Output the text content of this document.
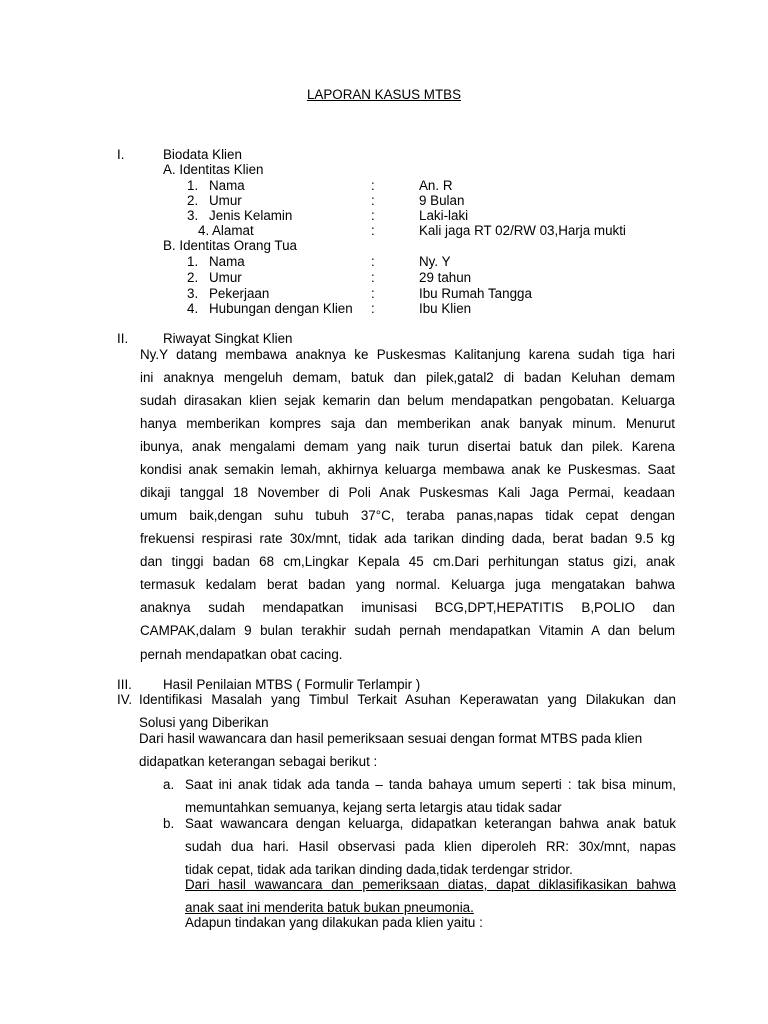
LAPORAN KASUS MTBS
I.	Biodata Klien
A. Identitas Klien
1. Nama	:	An. R
2. Umur	:	9 Bulan
3. Jenis Kelamin	:	Laki-laki
4. Alamat	:	Kali jaga RT 02/RW 03,Harja mukti
B. Identitas Orang Tua
1. Nama	:	Ny. Y
2. Umur	:	29 tahun
3. Pekerjaan	:	Ibu Rumah Tangga
4. Hubungan dengan Klien :	Ibu Klien
II.	Riwayat Singkat Klien
Ny.Y datang membawa anaknya ke Puskesmas Kalitanjung karena sudah tiga hari
ini anaknya mengeluh demam, batuk dan pilek,gatal2 di badan Keluhan demam
sudah dirasakan klien sejak kemarin dan belum mendapatkan pengobatan. Keluarga
hanya memberikan kompres saja dan memberikan anak banyak minum. Menurut
ibunya, anak mengalami demam yang naik turun disertai batuk dan pilek. Karena
kondisi anak semakin lemah, akhirnya keluarga membawa anak ke Puskesmas. Saat
dikaji tanggal 18 November di Poli Anak Puskesmas Kali Jaga Permai, keadaan
umum baik,dengan suhu tubuh 37°C, teraba panas,napas tidak cepat dengan
frekuensi respirasi rate 30x/mnt, tidak ada tarikan dinding dada, berat badan 9.5 kg
dan tinggi badan 68 cm,Lingkar Kepala 45 cm.Dari perhitungan status gizi, anak
termasuk kedalam berat badan yang normal. Keluarga juga mengatakan bahwa
anaknya sudah mendapatkan imunisasi BCG,DPT,HEPATITIS B,POLIO dan
CAMPAK,dalam 9 bulan terakhir sudah pernah mendapatkan Vitamin A dan belum
pernah mendapatkan obat cacing.
III. Hasil Penilaian MTBS ( Formulir Terlampir )
IV. Identifikasi Masalah yang Timbul Terkait Asuhan Keperawatan yang Dilakukan dan
Solusi yang Diberikan
Dari hasil wawancara dan hasil pemeriksaan sesuai dengan format MTBS pada klien
didapatkan keterangan sebagai berikut :
a. Saat ini anak tidak ada tanda – tanda bahaya umum seperti : tak bisa minum,
memuntahkan semuanya, kejang serta letargis atau tidak sadar
b. Saat wawancara dengan keluarga, didapatkan keterangan bahwa anak batuk
sudah dua hari. Hasil observasi pada klien diperoleh RR: 30x/mnt, napas
tidak cepat, tidak ada tarikan dinding dada,tidak terdengar stridor.
Dari hasil wawancara dan pemeriksaan diatas, dapat diklasifikasikan bahwa
anak saat ini menderita batuk bukan pneumonia.
Adapun tindakan yang dilakukan pada klien yaitu :
